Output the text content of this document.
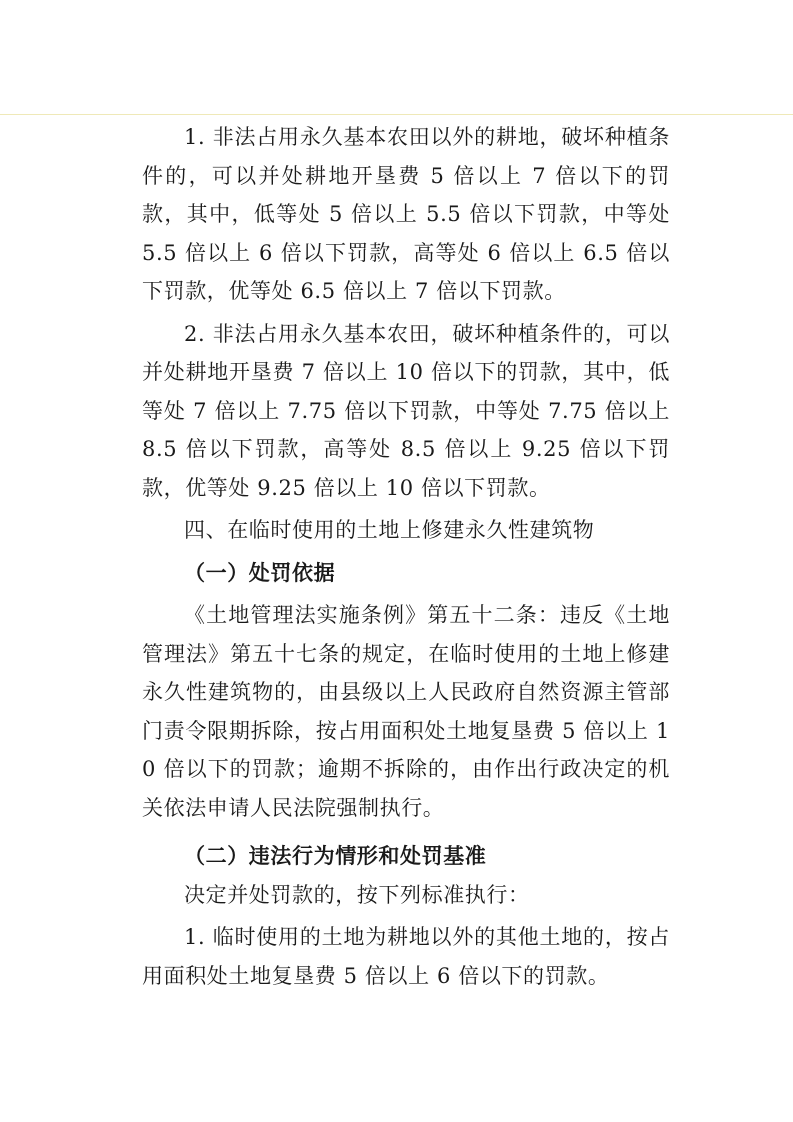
1. 非法占用永久基本农田以外的耕地，破坏种植条件的，可以并处耕地开垦费 5 倍以上 7 倍以下的罚款，其中，低等处 5 倍以上 5.5 倍以下罚款，中等处 5.5 倍以上 6 倍以下罚款，高等处 6 倍以上 6.5 倍以下罚款，优等处 6.5 倍以上 7 倍以下罚款。

2. 非法占用永久基本农田，破坏种植条件的，可以并处耕地开垦费 7 倍以上 10 倍以下的罚款，其中，低等处 7 倍以上 7.75 倍以下罚款，中等处 7.75 倍以上 8.5 倍以下罚款，高等处 8.5 倍以上 9.25 倍以下罚款，优等处 9.25 倍以上 10 倍以下罚款。

四、在临时使用的土地上修建永久性建筑物

（一）处罚依据

《土地管理法实施条例》第五十二条：违反《土地管理法》第五十七条的规定，在临时使用的土地上修建永久性建筑物的，由县级以上人民政府自然资源主管部门责令限期拆除，按占用面积处土地复垦费 5 倍以上 10 倍以下的罚款；逾期不拆除的，由作出行政决定的机关依法申请人民法院强制执行。

（二）违法行为情形和处罚基准

决定并处罚款的，按下列标准执行：

1. 临时使用的土地为耕地以外的其他土地的，按占用面积处土地复垦费 5 倍以上 6 倍以下的罚款。
